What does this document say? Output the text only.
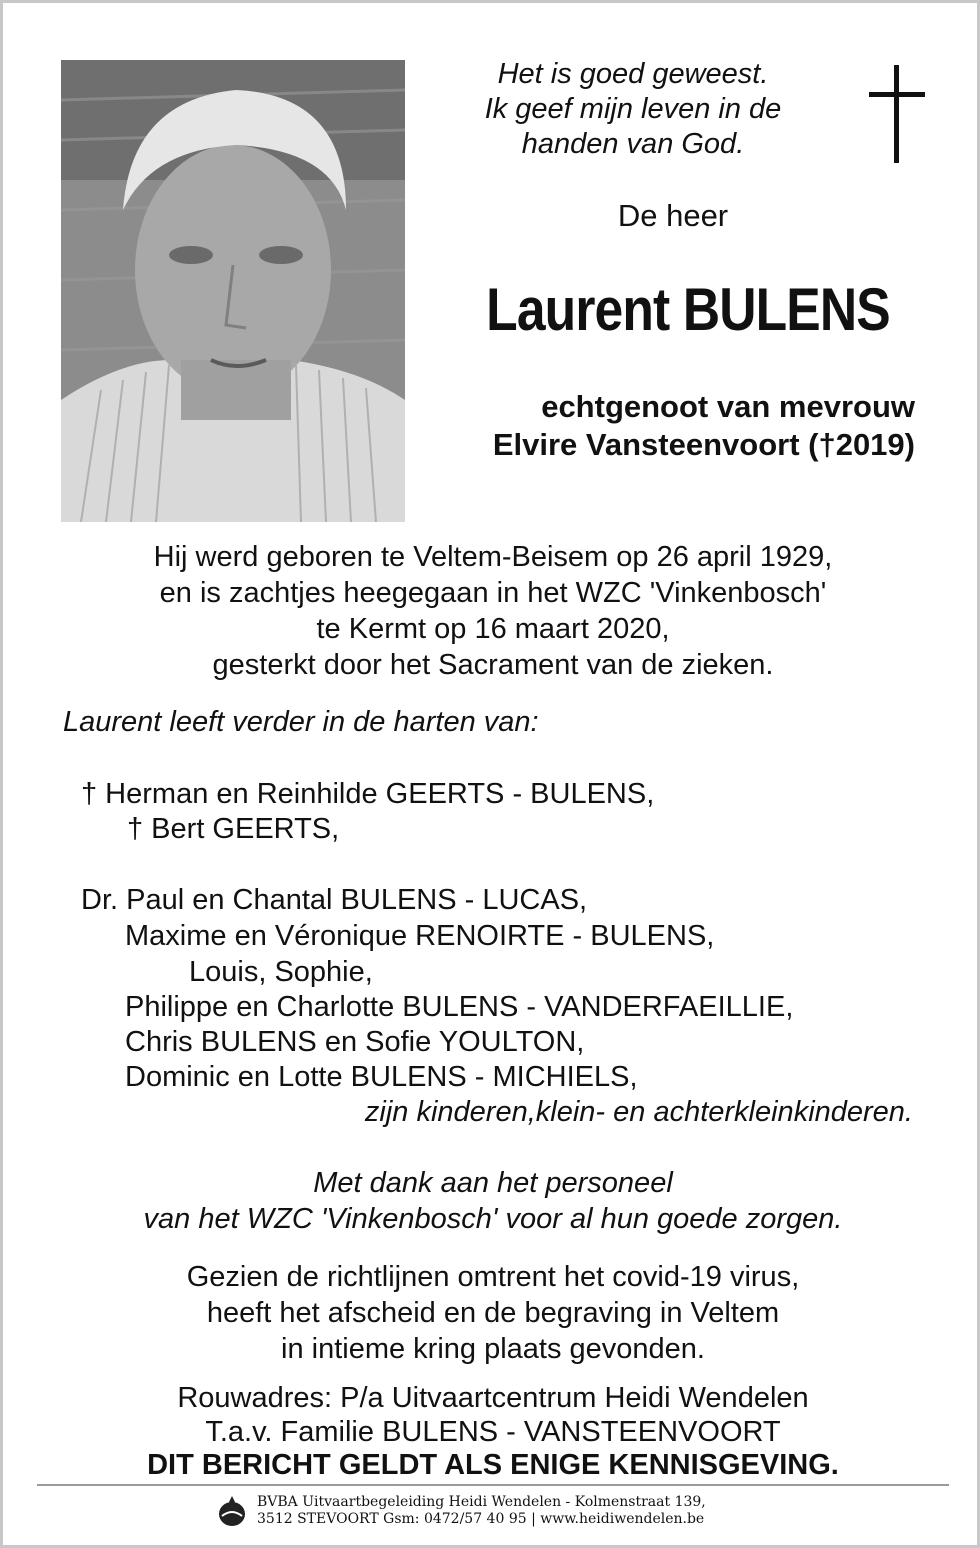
Het is goed geweest.
Ik geef mijn leven in de
handen van God.
De heer
Laurent BULENS
echtgenoot van mevrouw
Elvire Vansteenvoort (†2019)
Hij werd geboren te Veltem-Beisem op 26 april 1929,
en is zachtjes heegegaan in het WZC 'Vinkenbosch'
te Kermt op 16 maart 2020,
gesterkt door het Sacrament van de zieken.
Laurent leeft verder in de harten van:
† Herman en Reinhilde GEERTS - BULENS,
† Bert GEERTS,
Dr. Paul en Chantal BULENS - LUCAS,
Maxime en Véronique RENOIRTE - BULENS,
Louis, Sophie,
Philippe en Charlotte BULENS - VANDERFAEILLIE,
Chris BULENS en Sofie YOULTON,
Dominic en Lotte BULENS - MICHIELS,
zijn kinderen,klein- en achterkleinkinderen.
Met dank aan het personeel
van het WZC 'Vinkenbosch' voor al hun goede zorgen.
Gezien de richtlijnen omtrent het covid-19 virus,
heeft het afscheid en de begraving in Veltem
in intieme kring plaats gevonden.
Rouwadres: P/a Uitvaartcentrum Heidi Wendelen
T.a.v. Familie BULENS - VANSTEENVOORT
DIT BERICHT GELDT ALS ENIGE KENNISGEVING.
BVBA Uitvaartbegeleiding Heidi Wendelen - Kolmenstraat 139,
3512 STEVOORT Gsm: 0472/57 40 95 | www.heidiwendelen.be
